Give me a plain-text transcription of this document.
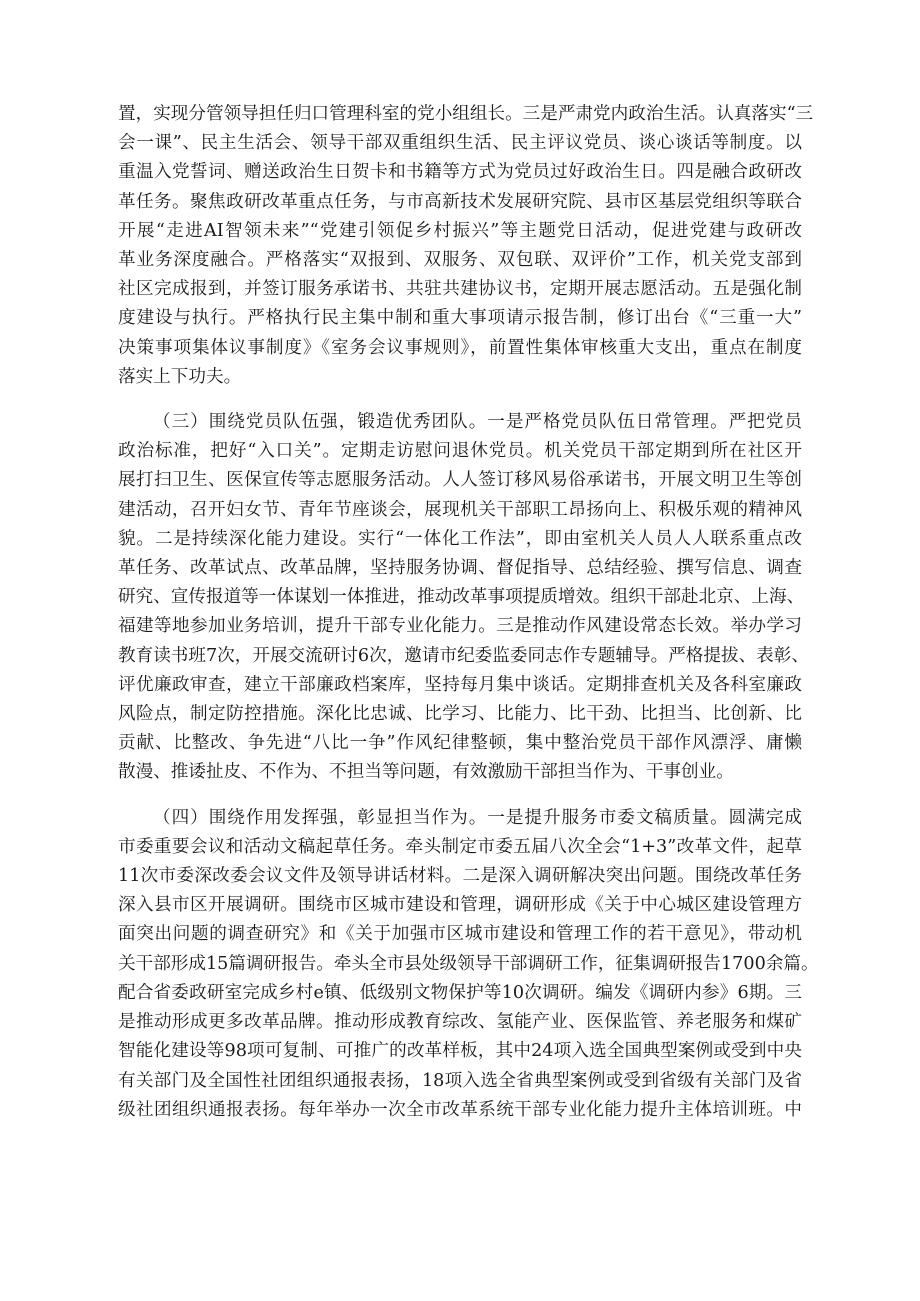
置，实现分管领导担任归口管理科室的党小组组长。三是严肃党内政治生活。认真落实“三
会一课”、民主生活会、领导干部双重组织生活、民主评议党员、谈心谈话等制度。以
重温入党誓词、赠送政治生日贺卡和书籍等方式为党员过好政治生日。四是融合政研改
革任务。聚焦政研改革重点任务，与市高新技术发展研究院、县市区基层党组织等联合
开展“走进AI智领未来”“党建引领促乡村振兴”等主题党日活动，促进党建与政研改
革业务深度融合。严格落实“双报到、双服务、双包联、双评价”工作，机关党支部到
社区完成报到，并签订服务承诺书、共驻共建协议书，定期开展志愿活动。五是强化制
度建设与执行。严格执行民主集中制和重大事项请示报告制，修订出台《“三重一大”
决策事项集体议事制度》《室务会议事规则》，前置性集体审核重大支出，重点在制度
落实上下功夫。

（三）围绕党员队伍强，锻造优秀团队。一是严格党员队伍日常管理。严把党员
政治标准，把好“入口关”。定期走访慰问退休党员。机关党员干部定期到所在社区开
展打扫卫生、医保宣传等志愿服务活动。人人签订移风易俗承诺书，开展文明卫生等创
建活动，召开妇女节、青年节座谈会，展现机关干部职工昂扬向上、积极乐观的精神风
貌。二是持续深化能力建设。实行“一体化工作法”，即由室机关人员人人联系重点改
革任务、改革试点、改革品牌，坚持服务协调、督促指导、总结经验、撰写信息、调查
研究、宣传报道等一体谋划一体推进，推动改革事项提质增效。组织干部赴北京、上海、
福建等地参加业务培训，提升干部专业化能力。三是推动作风建设常态长效。举办学习
教育读书班7次，开展交流研讨6次，邀请市纪委监委同志作专题辅导。严格提拔、表彰、
评优廉政审查，建立干部廉政档案库，坚持每月集中谈话。定期排查机关及各科室廉政
风险点，制定防控措施。深化比忠诚、比学习、比能力、比干劲、比担当、比创新、比
贡献、比整改、争先进“八比一争”作风纪律整顿，集中整治党员干部作风漂浮、庸懒
散漫、推诿扯皮、不作为、不担当等问题，有效激励干部担当作为、干事创业。

（四）围绕作用发挥强，彰显担当作为。一是提升服务市委文稿质量。圆满完成
市委重要会议和活动文稿起草任务。牵头制定市委五届八次全会“1+3”改革文件，起草
11次市委深改委会议文件及领导讲话材料。二是深入调研解决突出问题。围绕改革任务
深入县市区开展调研。围绕市区城市建设和管理，调研形成《关于中心城区建设管理方
面突出问题的调查研究》和《关于加强市区城市建设和管理工作的若干意见》，带动机
关干部形成15篇调研报告。牵头全市县处级领导干部调研工作，征集调研报告1700余篇。
配合省委政研室完成乡村e镇、低级别文物保护等10次调研。编发《调研内参》6期。三
是推动形成更多改革品牌。推动形成教育综改、氢能产业、医保监管、养老服务和煤矿
智能化建设等98项可复制、可推广的改革样板，其中24项入选全国典型案例或受到中央
有关部门及全国性社团组织通报表扬，18项入选全省典型案例或受到省级有关部门及省
级社团组织通报表扬。每年举办一次全市改革系统干部专业化能力提升主体培训班。中
